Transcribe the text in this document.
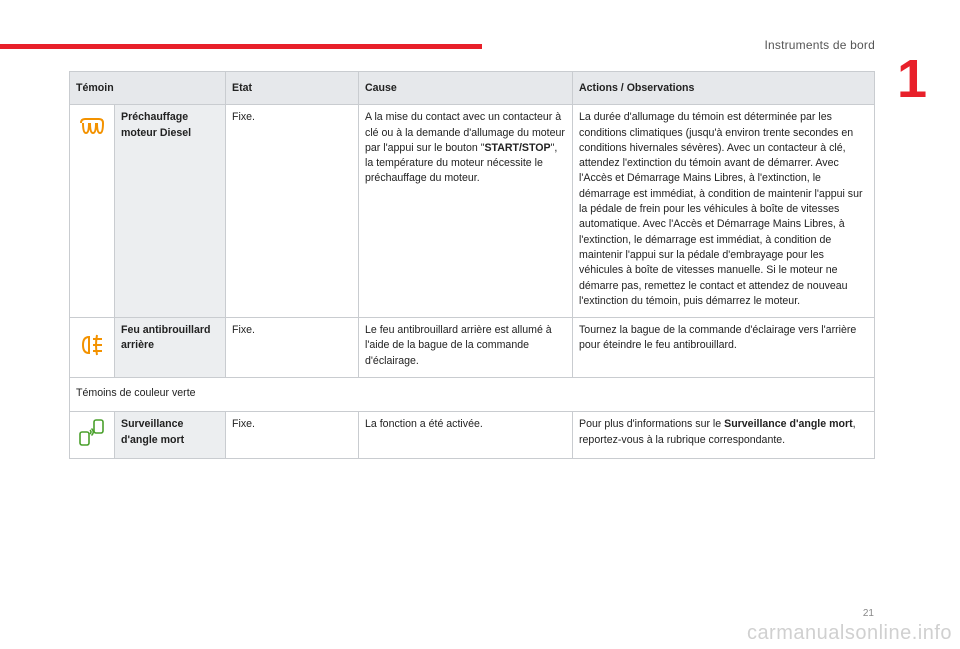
Instruments de bord
1
Témoin		Etat	Cause	Actions / Observations
	Préchauffage moteur Diesel	Fixe.	A la mise du contact avec un contacteur à clé ou à la demande d'allumage du moteur par l'appui sur le bouton "START/STOP", la température du moteur nécessite le préchauffage du moteur.	La durée d'allumage du témoin est déterminée par les conditions climatiques (jusqu'à environ trente secondes en conditions hivernales sévères). Avec un contacteur à clé, attendez l'extinction du témoin avant de démarrer. Avec l'Accès et Démarrage Mains Libres, à l'extinction, le démarrage est immédiat, à condition de maintenir l'appui sur la pédale de frein pour les véhicules à boîte de vitesses automatique. Avec l'Accès et Démarrage Mains Libres, à l'extinction, le démarrage est immédiat, à condition de maintenir l'appui sur la pédale d'embrayage pour les véhicules à boîte de vitesses manuelle. Si le moteur ne démarre pas, remettez le contact et attendez de nouveau l'extinction du témoin, puis démarrez le moteur.
	Feu antibrouillard arrière	Fixe.	Le feu antibrouillard arrière est allumé à l'aide de la bague de la commande d'éclairage.	Tournez la bague de la commande d'éclairage vers l'arrière pour éteindre le feu antibrouillard.
Témoins de couleur verte				
	Surveillance d'angle mort	Fixe.	La fonction a été activée.	Pour plus d'informations sur le Surveillance d'angle mort, reportez-vous à la rubrique correspondante.
21
carmanualsonline.info
